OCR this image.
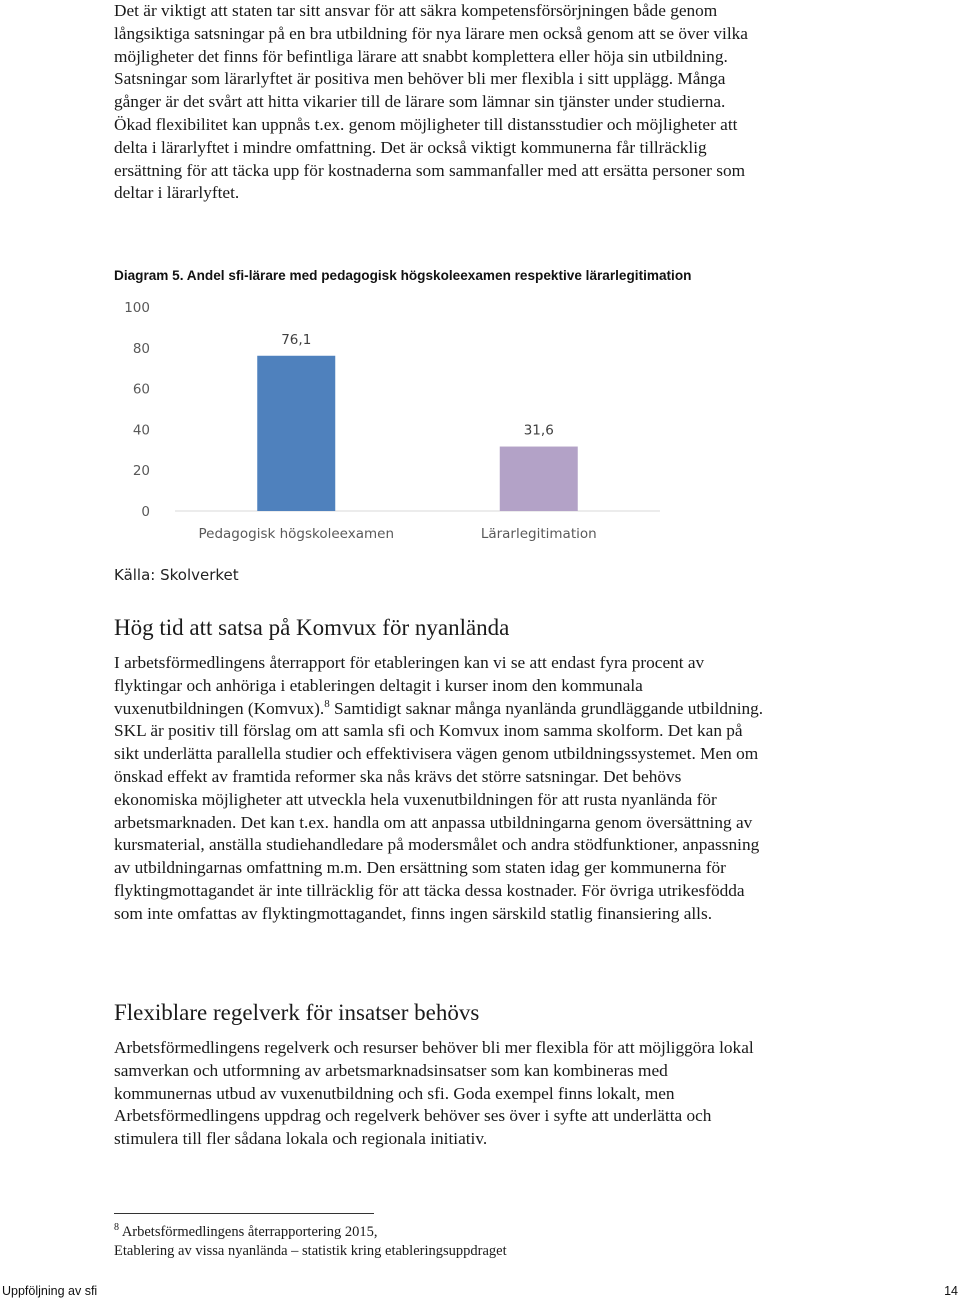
Det är viktigt att staten tar sitt ansvar för att säkra kompetensförsörjningen både genom långsiktiga satsningar på en bra utbildning för nya lärare men också genom att se över vilka möjligheter det finns för befintliga lärare att snabbt komplettera eller höja sin utbildning. Satsningar som lärarlyftet är positiva men behöver bli mer flexibla i sitt upplägg. Många gånger är det svårt att hitta vikarier till de lärare som lämnar sin tjänster under studierna. Ökad flexibilitet kan uppnås t.ex. genom möjligheter till distansstudier och möjligheter att delta i lärarlyftet i mindre omfattning. Det är också viktigt kommunerna får tillräcklig ersättning för att täcka upp för kostnaderna som sammanfaller med att ersätta personer som deltar i lärarlyftet.

Diagram 5. Andel sfi-lärare med pedagogisk högskoleexamen respektive lärarlegitimation

0
20
40
60
80
100
76,1
Pedagogisk högskoleexamen
31,6
Lärarlegitimation

Källa: Skolverket

Hög tid att satsa på Komvux för nyanlända

I arbetsförmedlingens återrapport för etableringen kan vi se att endast fyra procent av flyktingar och anhöriga i etableringen deltagit i kurser inom den kommunala vuxenutbildningen (Komvux).$^8$ Samtidigt saknar många nyanlända grundläggande utbildning. SKL är positiv till förslag om att samla sfi och Komvux inom samma skolform. Det kan på sikt underlätta parallella studier och effektivisera vägen genom utbildningssystemet. Men om önskad effekt av framtida reformer ska nås krävs det större satsningar. Det behövs ekonomiska möjligheter att utveckla hela vuxenutbildningen för att rusta nyanlända för arbetsmarknaden. Det kan t.ex. handla om att anpassa utbildningarna genom översättning av kursmaterial, anställa studiehandledare på modersmålet och andra stödfunktioner, anpassning av utbildningarnas omfattning m.m. Den ersättning som staten idag ger kommunerna för flyktingmottagandet är inte tillräcklig för att täcka dessa kostnader. För övriga utrikesfödda som inte omfattas av flyktingmottagandet, finns ingen särskild statlig finansiering alls.

Flexiblare regelverk för insatser behövs

Arbetsförmedlingens regelverk och resurser behöver bli mer flexibla för att möjliggöra lokal samverkan och utformning av arbetsmarknadsinsatser som kan kombineras med kommunernas utbud av vuxenutbildning och sfi. Goda exempel finns lokalt, men Arbetsförmedlingens uppdrag och regelverk behöver ses över i syfte att underlätta och stimulera till fler sådana lokala och regionala initiativ.

$^8$ Arbetsförmedlingens återrapportering 2015,
Etablering av vissa nyanlända – statistik kring etableringsuppdraget

Uppföljning av sfi	14
